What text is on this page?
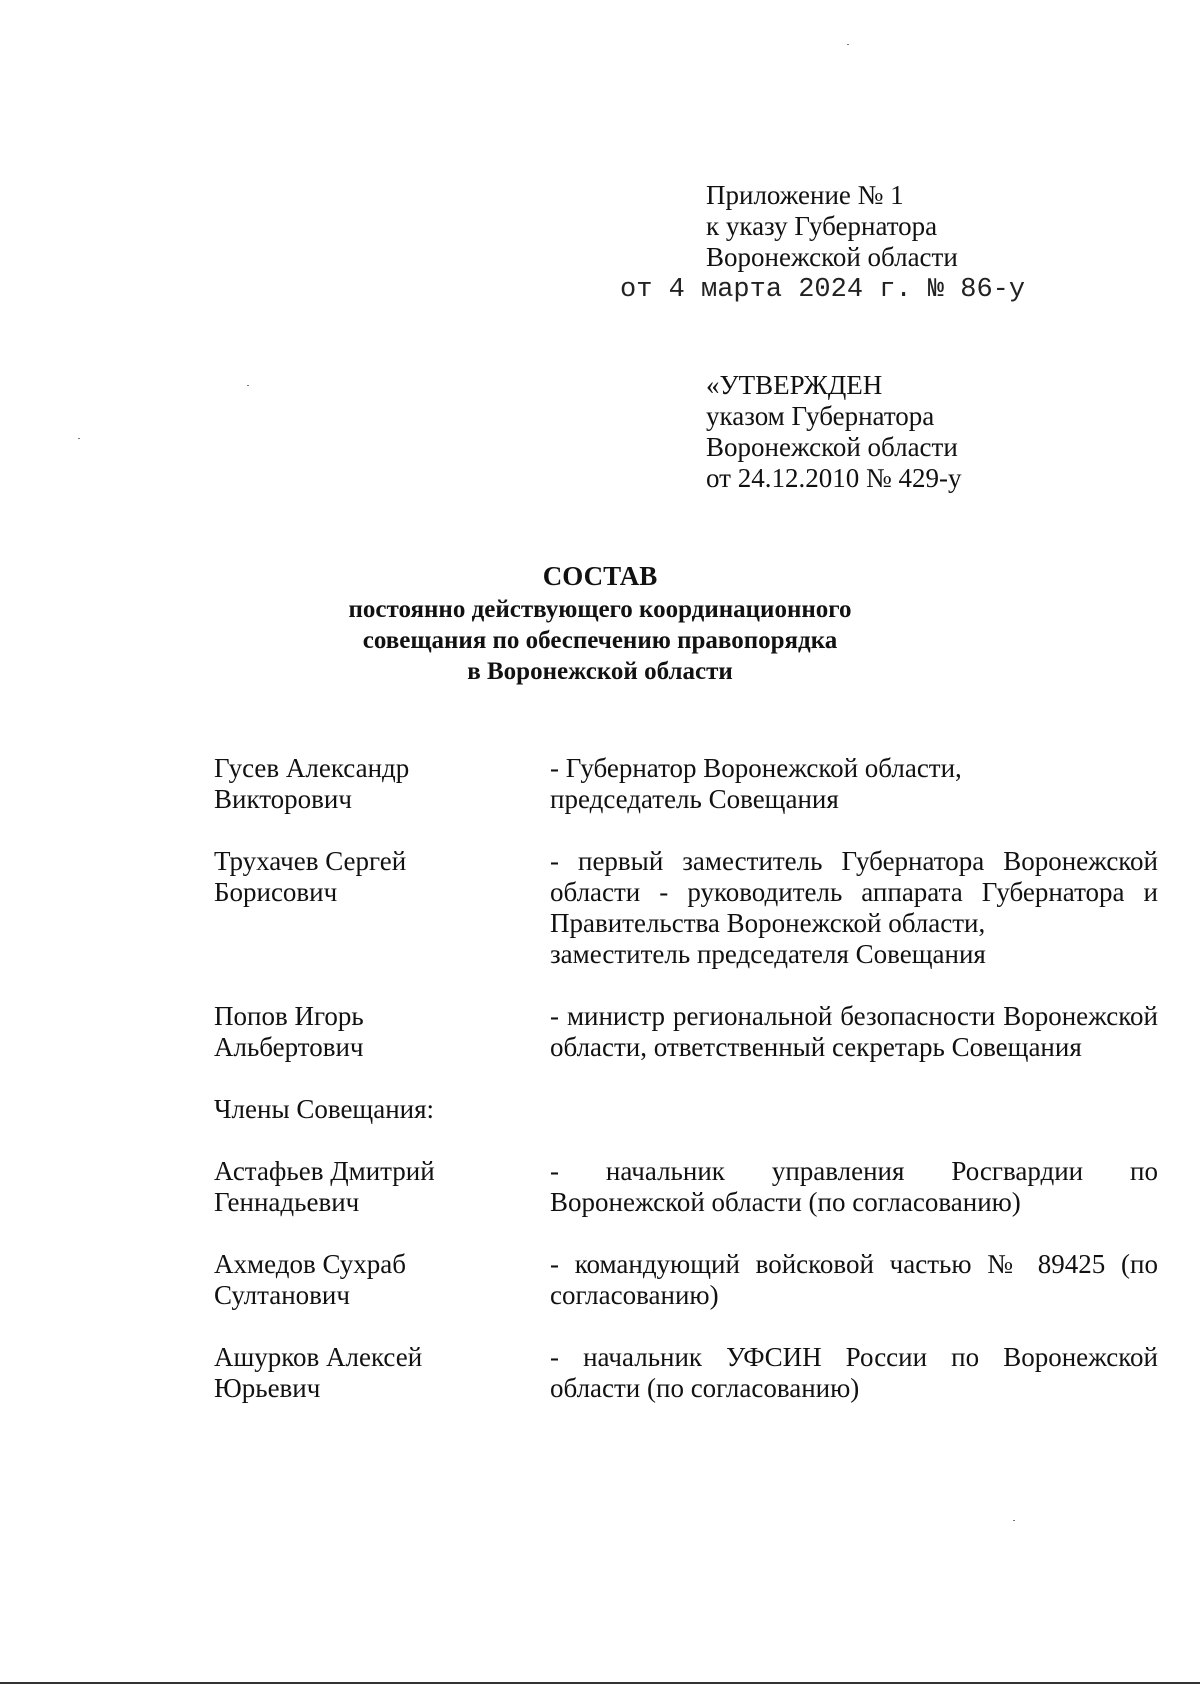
Приложение № 1
к указу Губернатора
Воронежской области
от 4 марта 2024 г. № 86-у
«УТВЕРЖДЕН
указом Губернатора
Воронежской области
от 24.12.2010 № 429-у
СОСТАВ
постоянно действующего координационного
совещания по обеспечению правопорядка
в Воронежской области
Гусев Александр
Викторович
- Губернатор Воронежской области,
председатель Совещания
Трухачев Сергей
Борисович
- первый заместитель Губернатора Воронежской области - руководитель аппарата Губернатора и Правительства Воронежской области,
заместитель председателя Совещания
Попов Игорь
Альбертович
- министр региональной безопасности Воронежской области, ответственный секретарь Совещания
Члены Совещания:
Астафьев Дмитрий
Геннадьевич
- начальник управления Росгвардии по Воронежской области (по согласованию)
Ахмедов Сухраб
Султанович
- командующий войсковой частью № 89425 (по согласованию)
Ашурков Алексей
Юрьевич
- начальник УФСИН России по Воронежской области (по согласованию)
